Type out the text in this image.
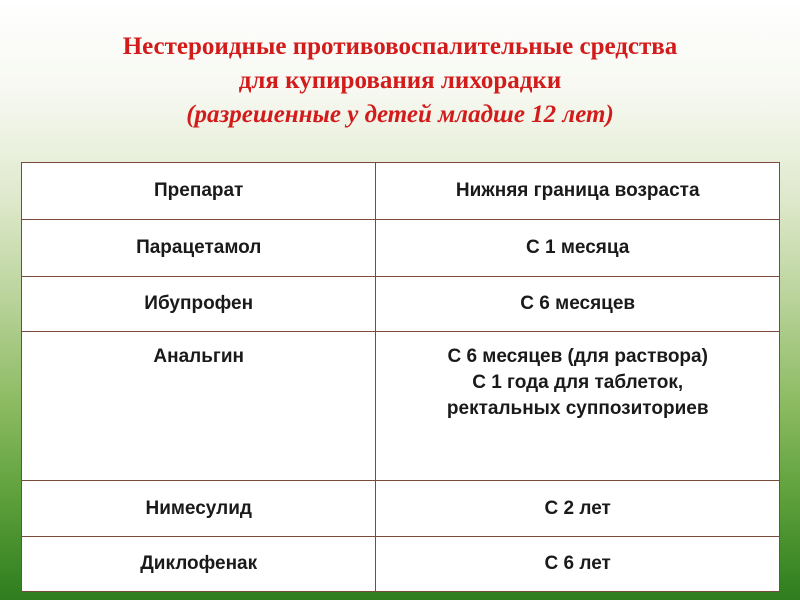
Нестероидные противовоспалительные средства
для купирования лихорадки
(разрешенные у детей младше 12 лет)
Препарат	Нижняя граница возраста
Парацетамол	С 1 месяца

Ибупрофен	С 6 месяцев

Анальгин	С 6 месяцев (для раствора)
С 1 года для таблеток,
ректальных суппозиториев

Нимесулид	С 2 лет

Диклофенак	С 6 лет
